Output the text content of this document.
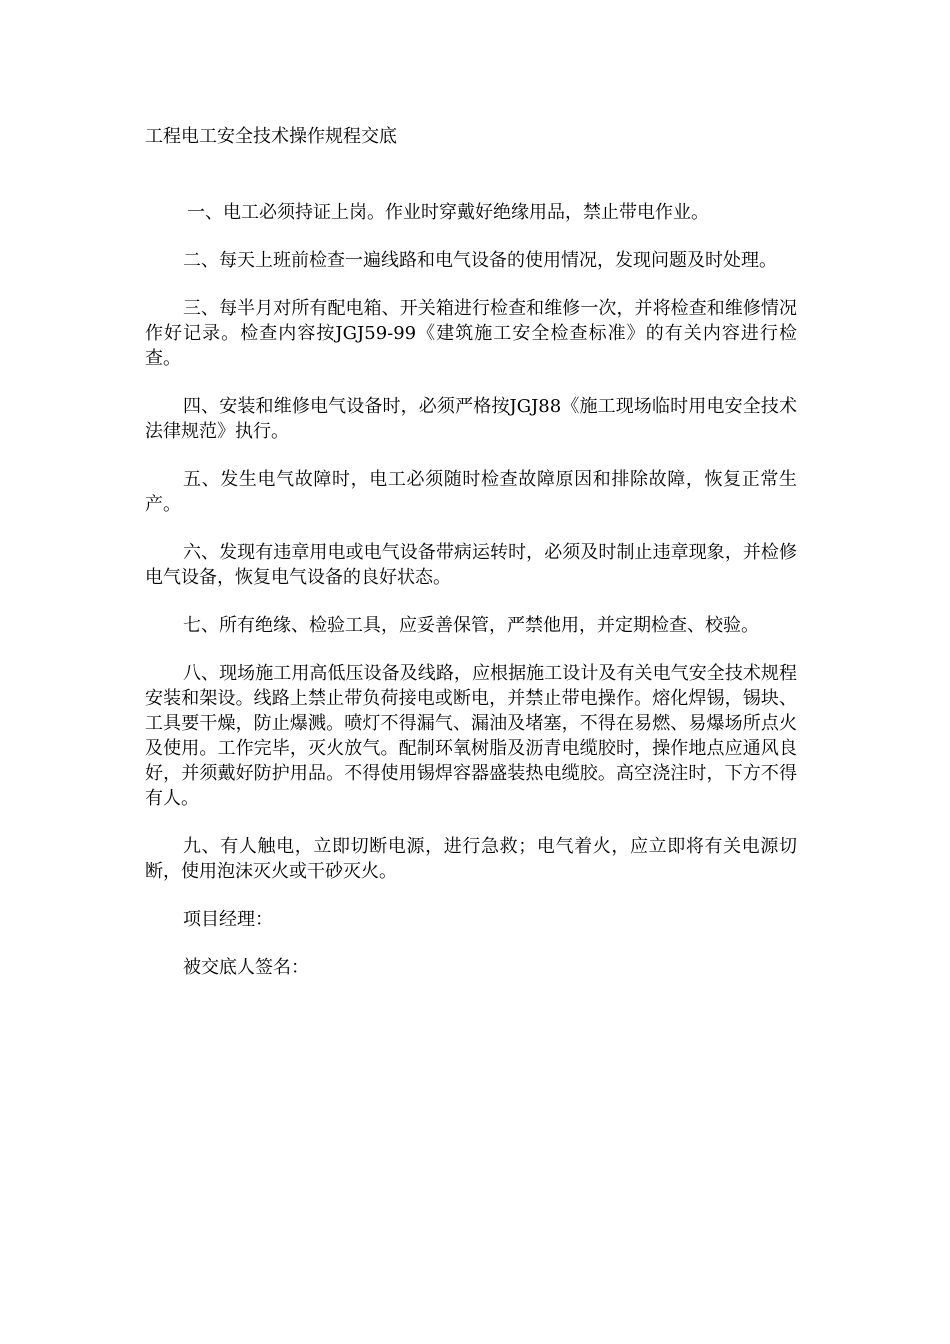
工程电工安全技术操作规程交底

一、电工必须持证上岗。作业时穿戴好绝缘用品，禁止带电作业。

二、每天上班前检查一遍线路和电气设备的使用情况，发现问题及时处理。

三、每半月对所有配电箱、开关箱进行检查和维修一次，并将检查和维修情况作好记录。检查内容按JGJ59-99《建筑施工安全检查标准》的有关内容进行检查。

四、安装和维修电气设备时，必须严格按JGJ88《施工现场临时用电安全技术法律规范》执行。

五、发生电气故障时，电工必须随时检查故障原因和排除故障，恢复正常生产。

六、发现有违章用电或电气设备带病运转时，必须及时制止违章现象，并检修电气设备，恢复电气设备的良好状态。

七、所有绝缘、检验工具，应妥善保管，严禁他用，并定期检查、校验。

八、现场施工用高低压设备及线路，应根据施工设计及有关电气安全技术规程安装和架设。线路上禁止带负荷接电或断电，并禁止带电操作。熔化焊锡，锡块、工具要干燥，防止爆溅。喷灯不得漏气、漏油及堵塞，不得在易燃、易爆场所点火及使用。工作完毕，灭火放气。配制环氧树脂及沥青电缆胶时，操作地点应通风良好，并须戴好防护用品。不得使用锡焊容器盛装热电缆胶。高空浇注时，下方不得有人。

九、有人触电，立即切断电源，进行急救；电气着火，应立即将有关电源切断，使用泡沫灭火或干砂灭火。

项目经理：

被交底人签名：
